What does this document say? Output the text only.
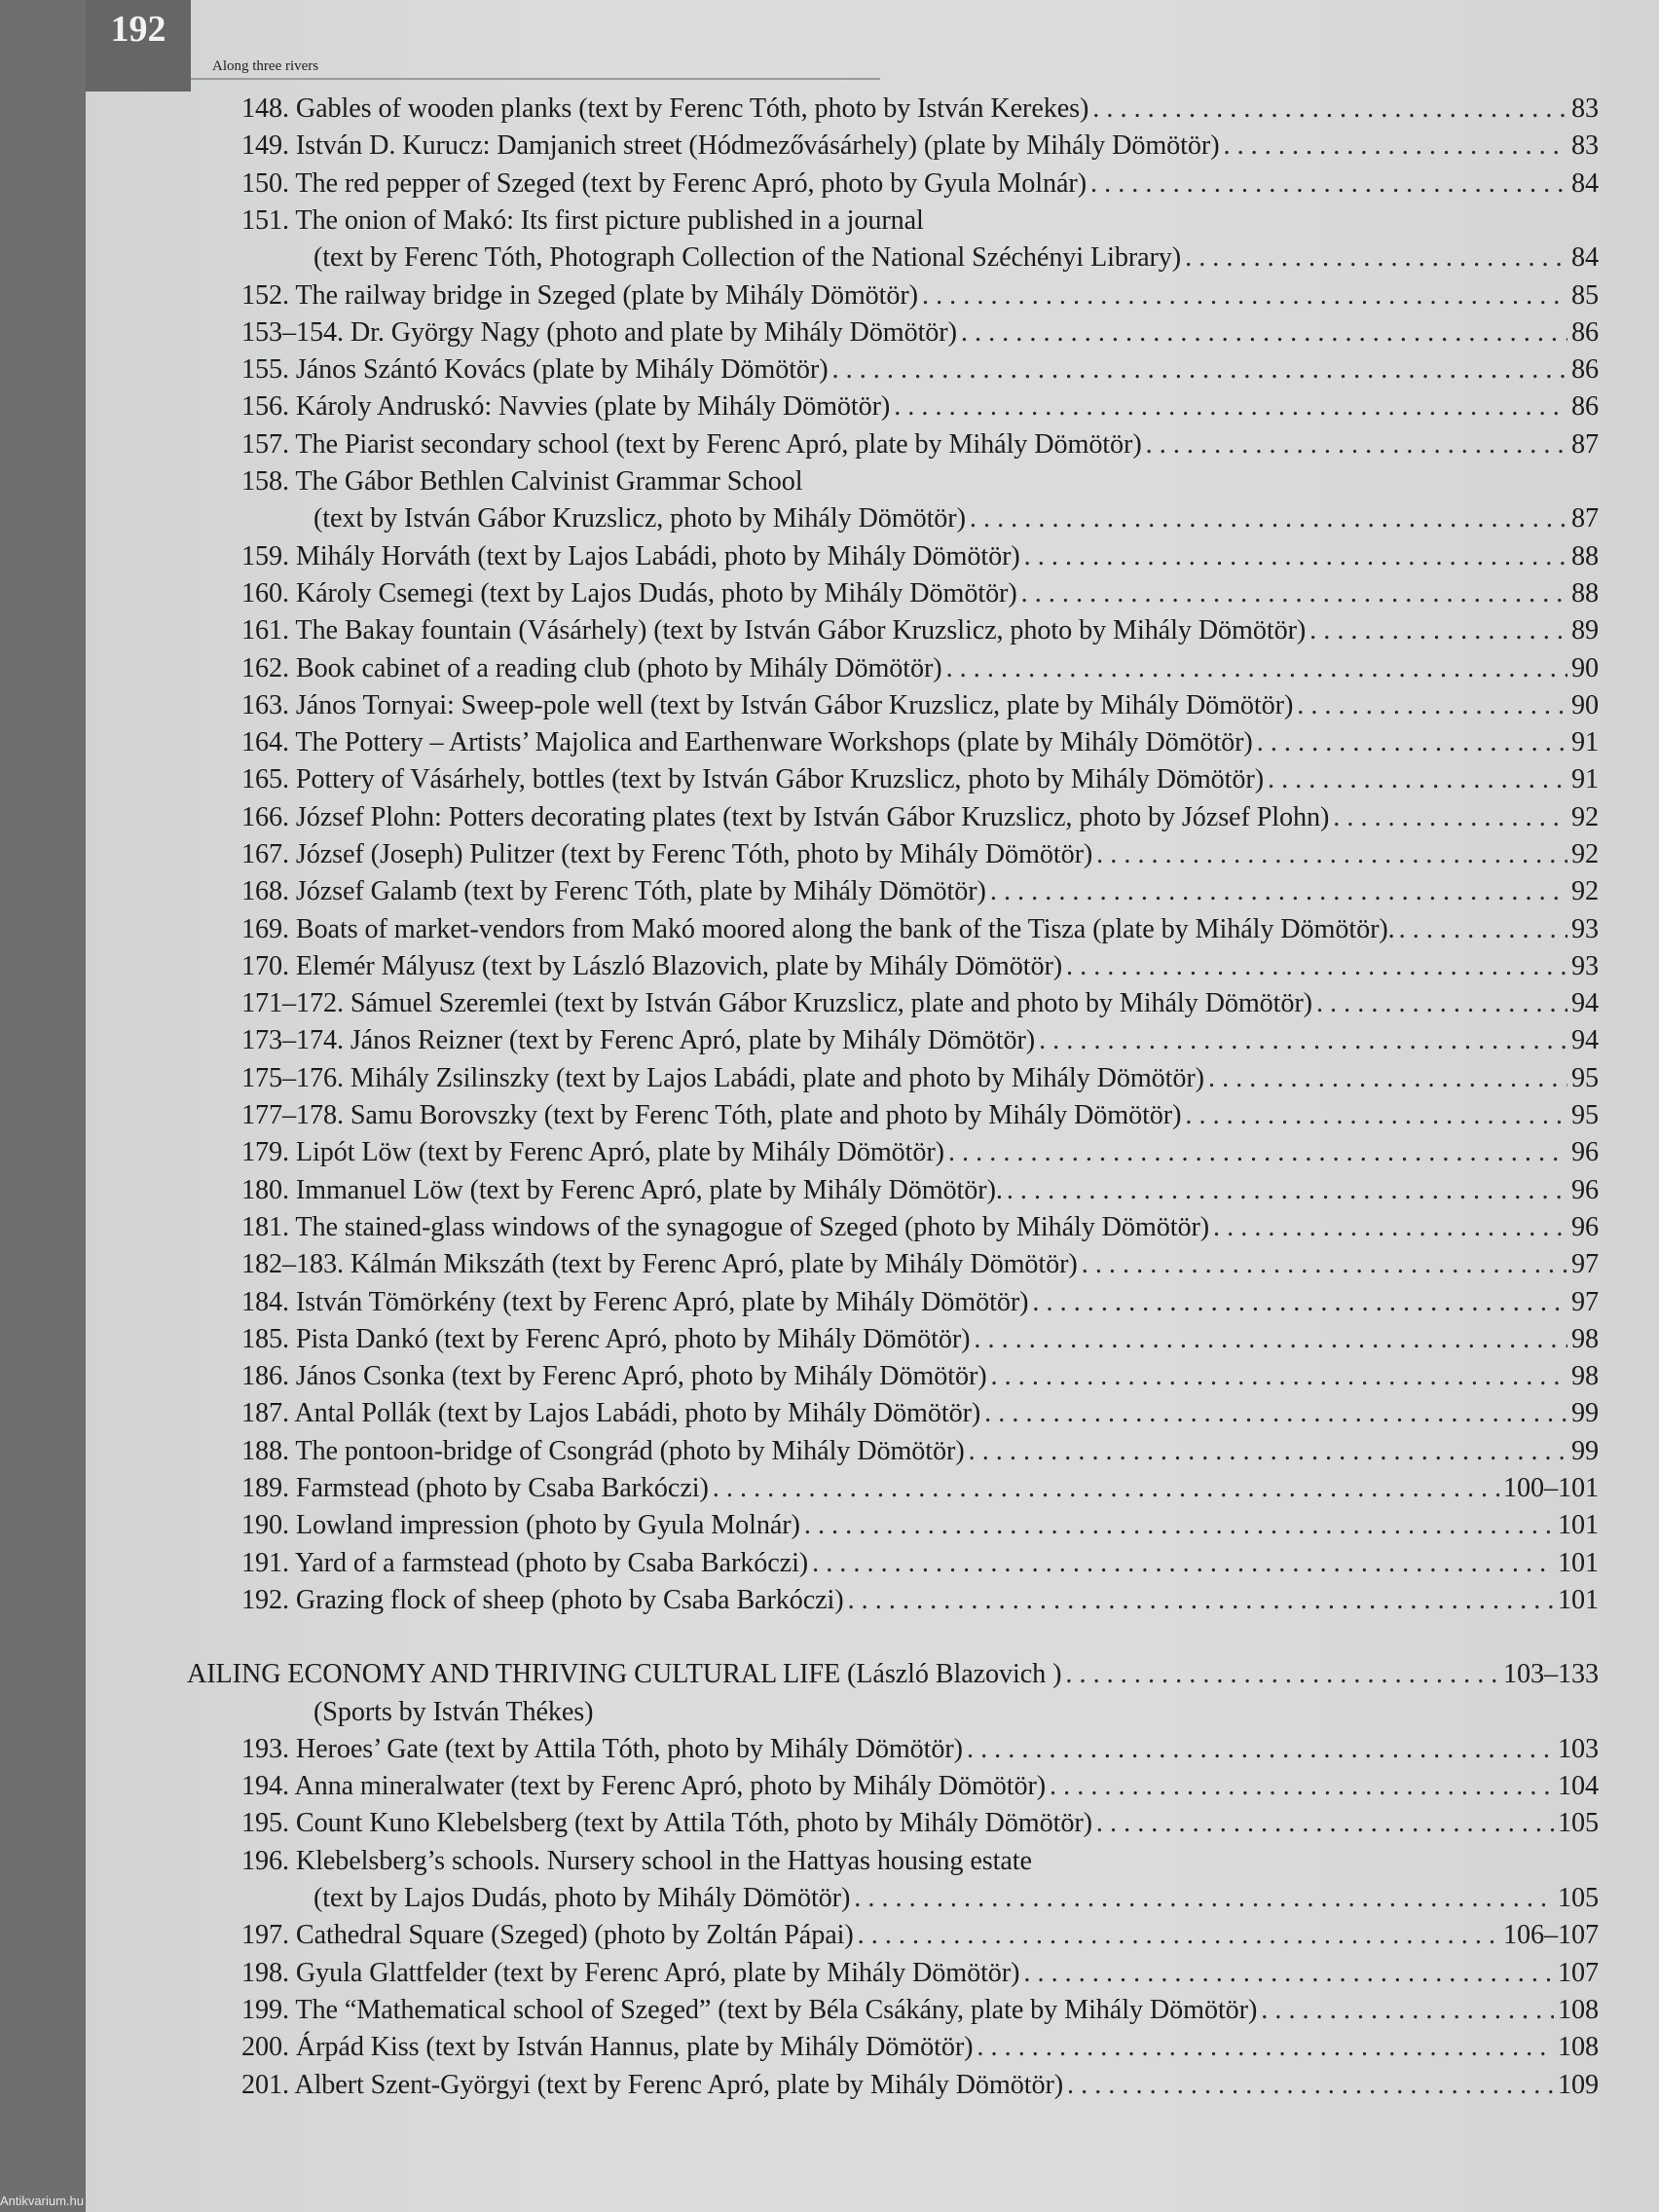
192
Along three rivers
148. Gables of wooden planks (text by Ferenc Tóth, photo by István Kerekes) . . .	83
149. István D. Kurucz: Damjanich street (Hódmezővásárhely) (plate by Mihály Dömötör) . . .	83
150. The red pepper of Szeged (text by Ferenc Apró, photo by Gyula Molnár) . . .	84
151. The onion of Makó: Its first picture published in a journal
(text by Ferenc Tóth, Photograph Collection of the National Széchényi Library) . . .	84
152. The railway bridge in Szeged (plate by Mihály Dömötör) . . .	85
153–154. Dr. György Nagy (photo and plate by Mihály Dömötör) . . .	86
155. János Szántó Kovács (plate by Mihály Dömötör) . . .	86
156. Károly Andruskó: Navvies (plate by Mihály Dömötör) . . .	86
157. The Piarist secondary school (text by Ferenc Apró, plate by Mihály Dömötör) . . .	87
158. The Gábor Bethlen Calvinist Grammar School
(text by István Gábor Kruzslicz, photo by Mihály Dömötör) . . .	87
159. Mihály Horváth (text by Lajos Labádi, photo by Mihály Dömötör) . . .	88
160. Károly Csemegi (text by Lajos Dudás, photo by Mihály Dömötör) . . .	88
161. The Bakay fountain (Vásárhely) (text by István Gábor Kruzslicz, photo by Mihály Dömötör) . . .	89
162. Book cabinet of a reading club (photo by Mihály Dömötör) . . .	90
163. János Tornyai: Sweep-pole well (text by István Gábor Kruzslicz, plate by Mihály Dömötör) . . .	90
164. The Pottery – Artists’ Majolica and Earthenware Workshops (plate by Mihály Dömötör) . . .	91
165. Pottery of Vásárhely, bottles (text by István Gábor Kruzslicz, photo by Mihály Dömötör) . . .	91
166. József Plohn: Potters decorating plates (text by István Gábor Kruzslicz, photo by József Plohn) . . .	92
167. József (Joseph) Pulitzer (text by Ferenc Tóth, photo by Mihály Dömötör) . . .	92
168. József Galamb (text by Ferenc Tóth, plate by Mihály Dömötör) . . .	92
169. Boats of market-vendors from Makó moored along the bank of the Tisza (plate by Mihály Dömötör). . . .	93
170. Elemér Mályusz (text by László Blazovich, plate by Mihály Dömötör) . . .	93
171–172. Sámuel Szeremlei (text by István Gábor Kruzslicz, plate and photo by Mihály Dömötör) . . .	94
173–174. János Reizner (text by Ferenc Apró, plate by Mihály Dömötör) . . .	94
175–176. Mihály Zsilinszky (text by Lajos Labádi, plate and photo by Mihály Dömötör) . . .	95
177–178. Samu Borovszky (text by Ferenc Tóth, plate and photo by Mihály Dömötör) . . .	95
179. Lipót Löw (text by Ferenc Apró, plate by Mihály Dömötör) . . .	96
180. Immanuel Löw (text by Ferenc Apró, plate by Mihály Dömötör). . . .	96
181. The stained-glass windows of the synagogue of Szeged (photo by Mihály Dömötör) . . .	96
182–183. Kálmán Mikszáth (text by Ferenc Apró, plate by Mihály Dömötör) . . .	97
184. István Tömörkény (text by Ferenc Apró, plate by Mihály Dömötör) . . .	97
185. Pista Dankó (text by Ferenc Apró, photo by Mihály Dömötör) . . .	98
186. János Csonka (text by Ferenc Apró, photo by Mihály Dömötör) . . .	98
187. Antal Pollák (text by Lajos Labádi, photo by Mihály Dömötör) . . .	99
188. The pontoon-bridge of Csongrád (photo by Mihály Dömötör) . . .	99
189. Farmstead (photo by Csaba Barkóczi) . . .	100–101
190. Lowland impression (photo by Gyula Molnár) . . .	101
191. Yard of a farmstead (photo by Csaba Barkóczi) . . .	101
192. Grazing flock of sheep (photo by Csaba Barkóczi) . . .	101
AILING ECONOMY AND THRIVING CULTURAL LIFE (László Blazovich ) . . .	103–133
(Sports by István Thékes)
193. Heroes’ Gate (text by Attila Tóth, photo by Mihály Dömötör) . . .	103
194. Anna mineralwater (text by Ferenc Apró, photo by Mihály Dömötör) . . .	104
195. Count Kuno Klebelsberg (text by Attila Tóth, photo by Mihály Dömötör) . . .	105
196. Klebelsberg’s schools. Nursery school in the Hattyas housing estate
(text by Lajos Dudás, photo by Mihály Dömötör) . . .	105
197. Cathedral Square (Szeged) (photo by Zoltán Pápai) . . .	106–107
198. Gyula Glattfelder (text by Ferenc Apró, plate by Mihály Dömötör) . . .	107
199. The “Mathematical school of Szeged” (text by Béla Csákány, plate by Mihály Dömötör) . . .	108
200. Árpád Kiss (text by István Hannus, plate by Mihály Dömötör) . . .	108
201. Albert Szent-Györgyi (text by Ferenc Apró, plate by Mihály Dömötör) . . .	109
Antikvarium.hu
